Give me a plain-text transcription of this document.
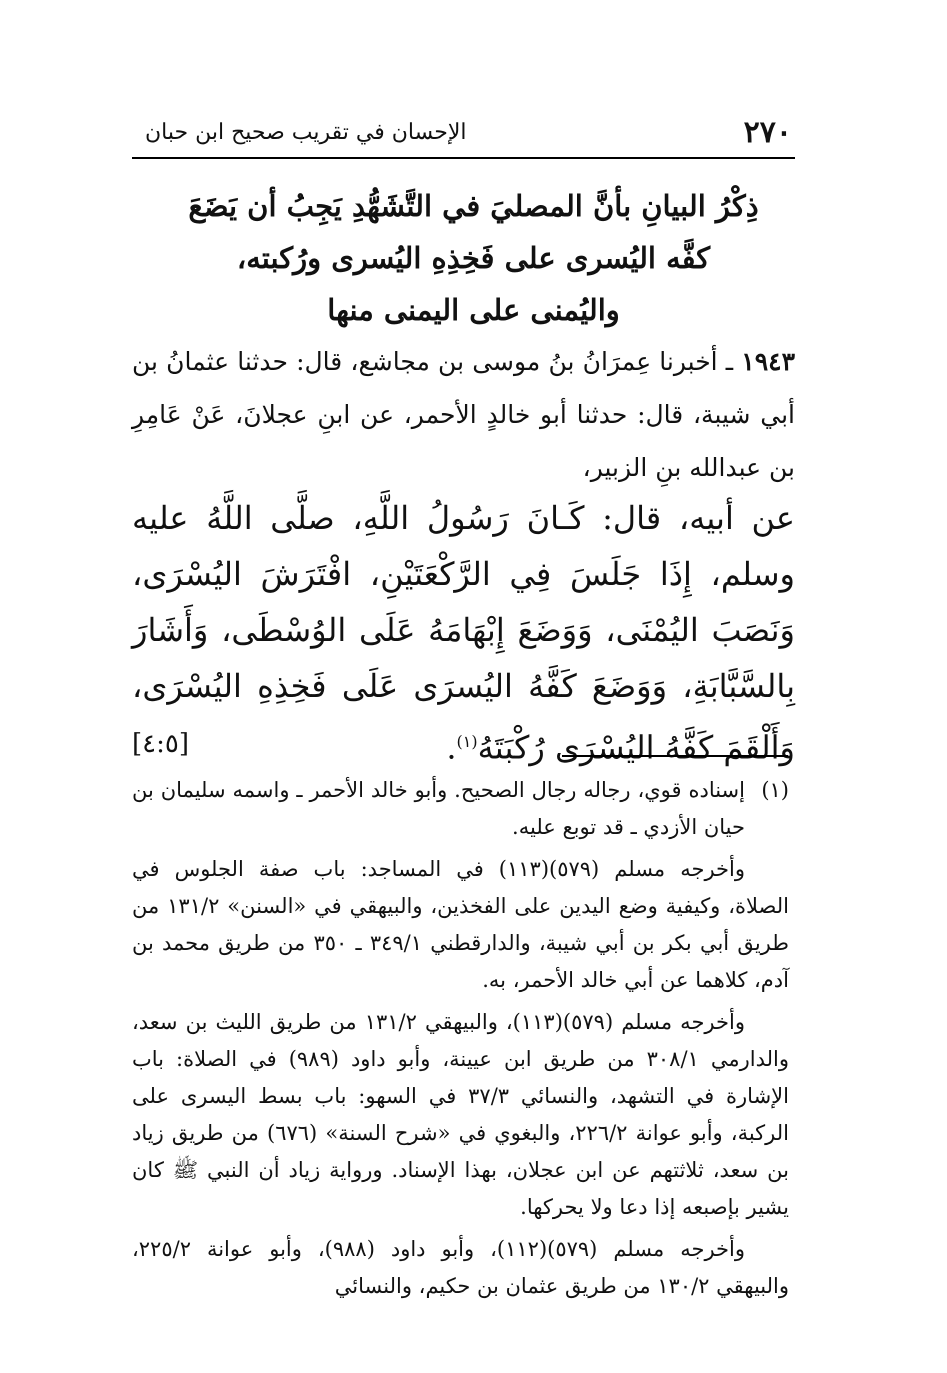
٢٧٠
الإحسان في تقريب صحيح ابن حبان
ذِكْرُ البيانِ بأنَّ المصليَ في التَّشَهُّدِ يَجِبُ أن يَضَعَ
كفَّه اليُسرى على فَخِذِهِ اليُسرى ورُكبته،
واليُمنى على اليمنى منها
١٩٤٣ ـ أخبرنا عِمرَانُ بنُ موسى بن مجاشع، قال: حدثنا عثمانُ بن أبي شيبة، قال: حدثنا أبو خالدٍ الأحمر، عن ابنِ عجلانَ، عَنْ عَامِرِ بن عبدالله بنِ الزبير،
عن أبيه، قال: كَـانَ رَسُولُ اللَّهِ، صلَّى اللَّهُ عليه وسلم، إِذَا جَلَسَ فِي الرَّكْعَتَيْنِ، افْتَرَشَ اليُسْرَى، وَنَصَبَ اليُمْنَى، وَوَضَعَ إِبْهَامَهُ عَلَى الوُسْطَى، وَأَشَارَ بِالسَّبَّابَةِ، وَوَضَعَ كَفَّهُ اليُسرَى عَلَى فَخِذِهِ اليُسْرَى، وَأَلْقَمَ كَفَّهُ اليُسْرَى رُكْبَتَهُ$^{(١)}$.
[٤:٥]

(١)
إسناده قوي، رجاله رجال الصحيح. وأبو خالد الأحمر ـ واسمه سليمان بن حيان الأزدي ـ قد توبع عليه.

وأخرجه مسلم (٥٧٩)(١١٣) في المساجد: باب صفة الجلوس في الصلاة، وكيفية وضع اليدين على الفخذين، والبيهقي في «السنن» ١٣١/٢ من طريق أبي بكر بن أبي شيبة، والدارقطني ٣٤٩/١ ـ ٣٥٠ من طريق محمد بن آدم، كلاهما عن أبي خالد الأحمر، به.

وأخرجه مسلم (٥٧٩)(١١٣)، والبيهقي ١٣١/٢ من طريق الليث بن سعد، والدارمي ٣٠٨/١ من طريق ابن عيينة، وأبو داود (٩٨٩) في الصلاة: باب الإشارة في التشهد، والنسائي ٣٧/٣ في السهو: باب بسط اليسرى على الركبة، وأبو عوانة ٢٢٦/٢، والبغوي في «شرح السنة» (٦٧٦) من طريق زياد بن سعد، ثلاثتهم عن ابن عجلان، بهذا الإسناد. ورواية زياد أن النبي ﷺ كان يشير بإصبعه إذا دعا ولا يحركها.

وأخرجه مسلم (٥٧٩)(١١٢)، وأبو داود (٩٨٨)، وأبو عوانة ٢٢٥/٢، والبيهقي ١٣٠/٢ من طريق عثمان بن حكيم، والنسائي
